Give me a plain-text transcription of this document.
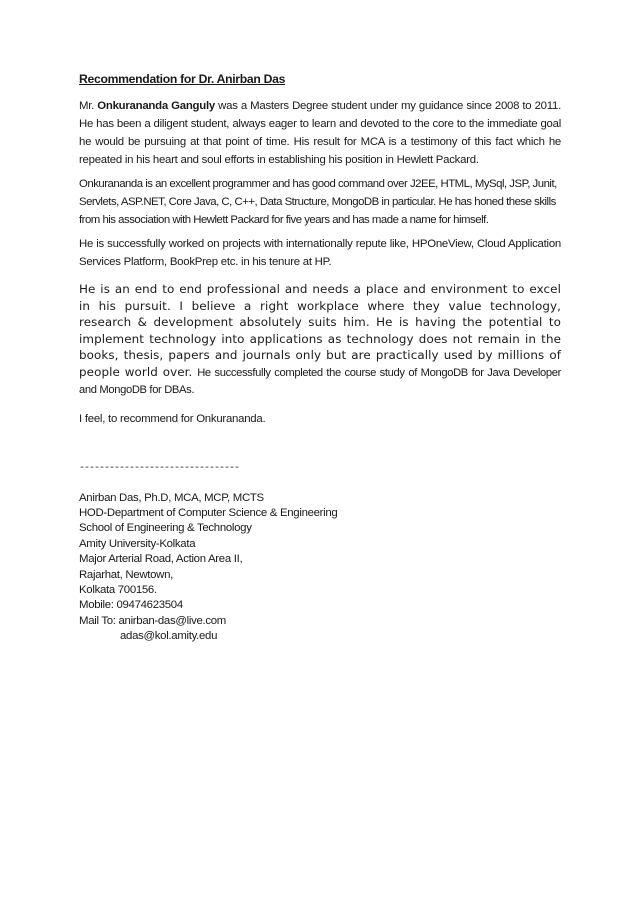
Recommendation for Dr. Anirban Das

Mr. Onkurananda Ganguly was a Masters Degree student under my guidance since 2008 to 2011. He has been a diligent student, always eager to learn and devoted to the core to the immediate goal he would be pursuing at that point of time. His result for MCA is a testimony of this fact which he repeated in his heart and soul efforts in establishing his position in Hewlett Packard.

Onkurananda is an excellent programmer and has good command over J2EE, HTML, MySql, JSP, Junit, Servlets, ASP.NET, Core Java, C, C++, Data Structure, MongoDB in particular. He has honed these skills from his association with Hewlett Packard for five years and has made a name for himself.

He is successfully worked on projects with internationally repute like, HPOneView, Cloud Application Services Platform, BookPrep etc. in his tenure at HP.

He is an end to end professional and needs a place and environment to excel in his pursuit. I believe a right workplace where they value technology, research & development absolutely suits him. He is having the potential to implement technology into applications as technology does not remain in the books, thesis, papers and journals only but are practically used by millions of people world over. He successfully completed the course study of MongoDB for Java Developer and MongoDB for DBAs.

I feel, to recommend for Onkurananda.
--------------------------------
Anirban Das, Ph.D, MCA, MCP, MCTS
HOD-Department of Computer Science & Engineering
School of Engineering & Technology
Amity University-Kolkata
Major Arterial Road, Action Area II,
Rajarhat, Newtown,
Kolkata 700156.
Mobile: 09474623504
Mail To: anirban-das@live.com
adas@kol.amity.edu
